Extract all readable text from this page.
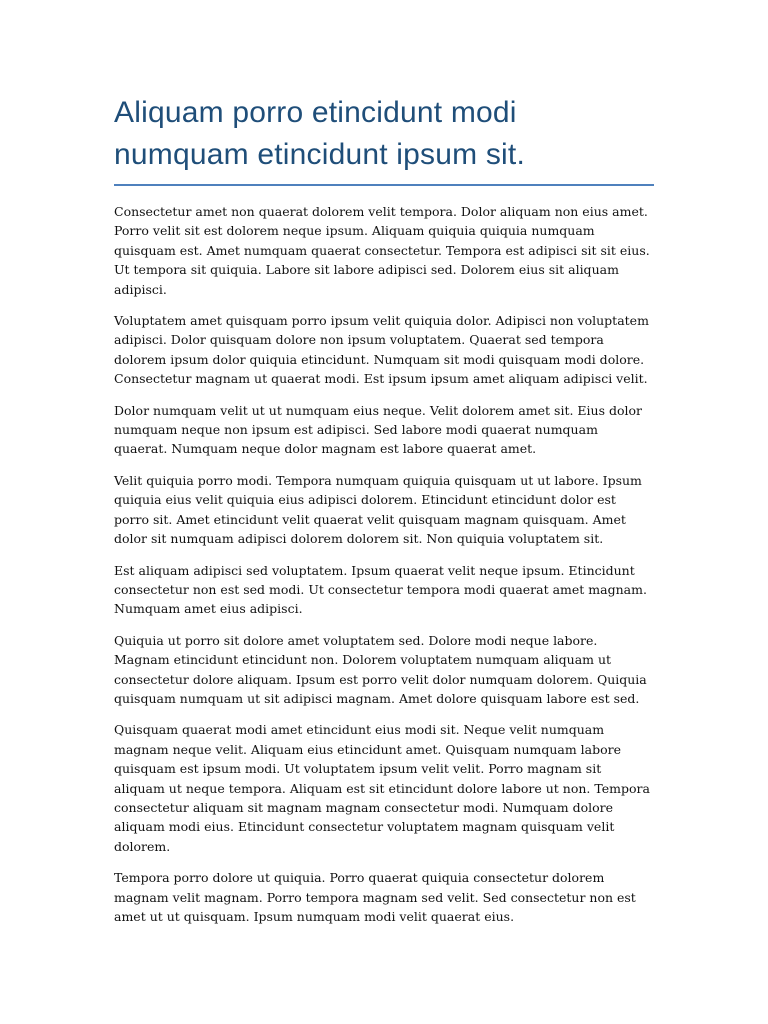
Aliquam porro etincidunt modi numquam etincidunt ipsum sit.

Consectetur amet non quaerat dolorem velit tempora. Dolor aliquam non eius amet. Porro velit sit est dolorem neque ipsum. Aliquam quiquia quiquia numquam quisquam est. Amet numquam quaerat consectetur. Tempora est adipisci sit sit eius. Ut tempora sit quiquia. Labore sit labore adipisci sed. Dolorem eius sit aliquam adipisci.

Voluptatem amet quisquam porro ipsum velit quiquia dolor. Adipisci non voluptatem adipisci. Dolor quisquam dolore non ipsum voluptatem. Quaerat sed tempora dolorem ipsum dolor quiquia etincidunt. Numquam sit modi quisquam modi dolore. Consectetur magnam ut quaerat modi. Est ipsum ipsum amet aliquam adipisci velit.

Dolor numquam velit ut ut numquam eius neque. Velit dolorem amet sit. Eius dolor numquam neque non ipsum est adipisci. Sed labore modi quaerat numquam quaerat. Numquam neque dolor magnam est labore quaerat amet.

Velit quiquia porro modi. Tempora numquam quiquia quisquam ut ut labore. Ipsum quiquia eius velit quiquia eius adipisci dolorem. Etincidunt etincidunt dolor est porro sit. Amet etincidunt velit quaerat velit quisquam magnam quisquam. Amet dolor sit numquam adipisci dolorem dolorem sit. Non quiquia voluptatem sit.

Est aliquam adipisci sed voluptatem. Ipsum quaerat velit neque ipsum. Etincidunt consectetur non est sed modi. Ut consectetur tempora modi quaerat amet magnam. Numquam amet eius adipisci.

Quiquia ut porro sit dolore amet voluptatem sed. Dolore modi neque labore. Magnam etincidunt etincidunt non. Dolorem voluptatem numquam aliquam ut consectetur dolore aliquam. Ipsum est porro velit dolor numquam dolorem. Quiquia quisquam numquam ut sit adipisci magnam. Amet dolore quisquam labore est sed.

Quisquam quaerat modi amet etincidunt eius modi sit. Neque velit numquam magnam neque velit. Aliquam eius etincidunt amet. Quisquam numquam labore quisquam est ipsum modi. Ut voluptatem ipsum velit velit. Porro magnam sit aliquam ut neque tempora. Aliquam est sit etincidunt dolore labore ut non. Tempora consectetur aliquam sit magnam magnam consectetur modi. Numquam dolore aliquam modi eius. Etincidunt consectetur voluptatem magnam quisquam velit dolorem.

Tempora porro dolore ut quiquia. Porro quaerat quiquia consectetur dolorem magnam velit magnam. Porro tempora magnam sed velit. Sed consectetur non est amet ut ut quisquam. Ipsum numquam modi velit quaerat eius.
